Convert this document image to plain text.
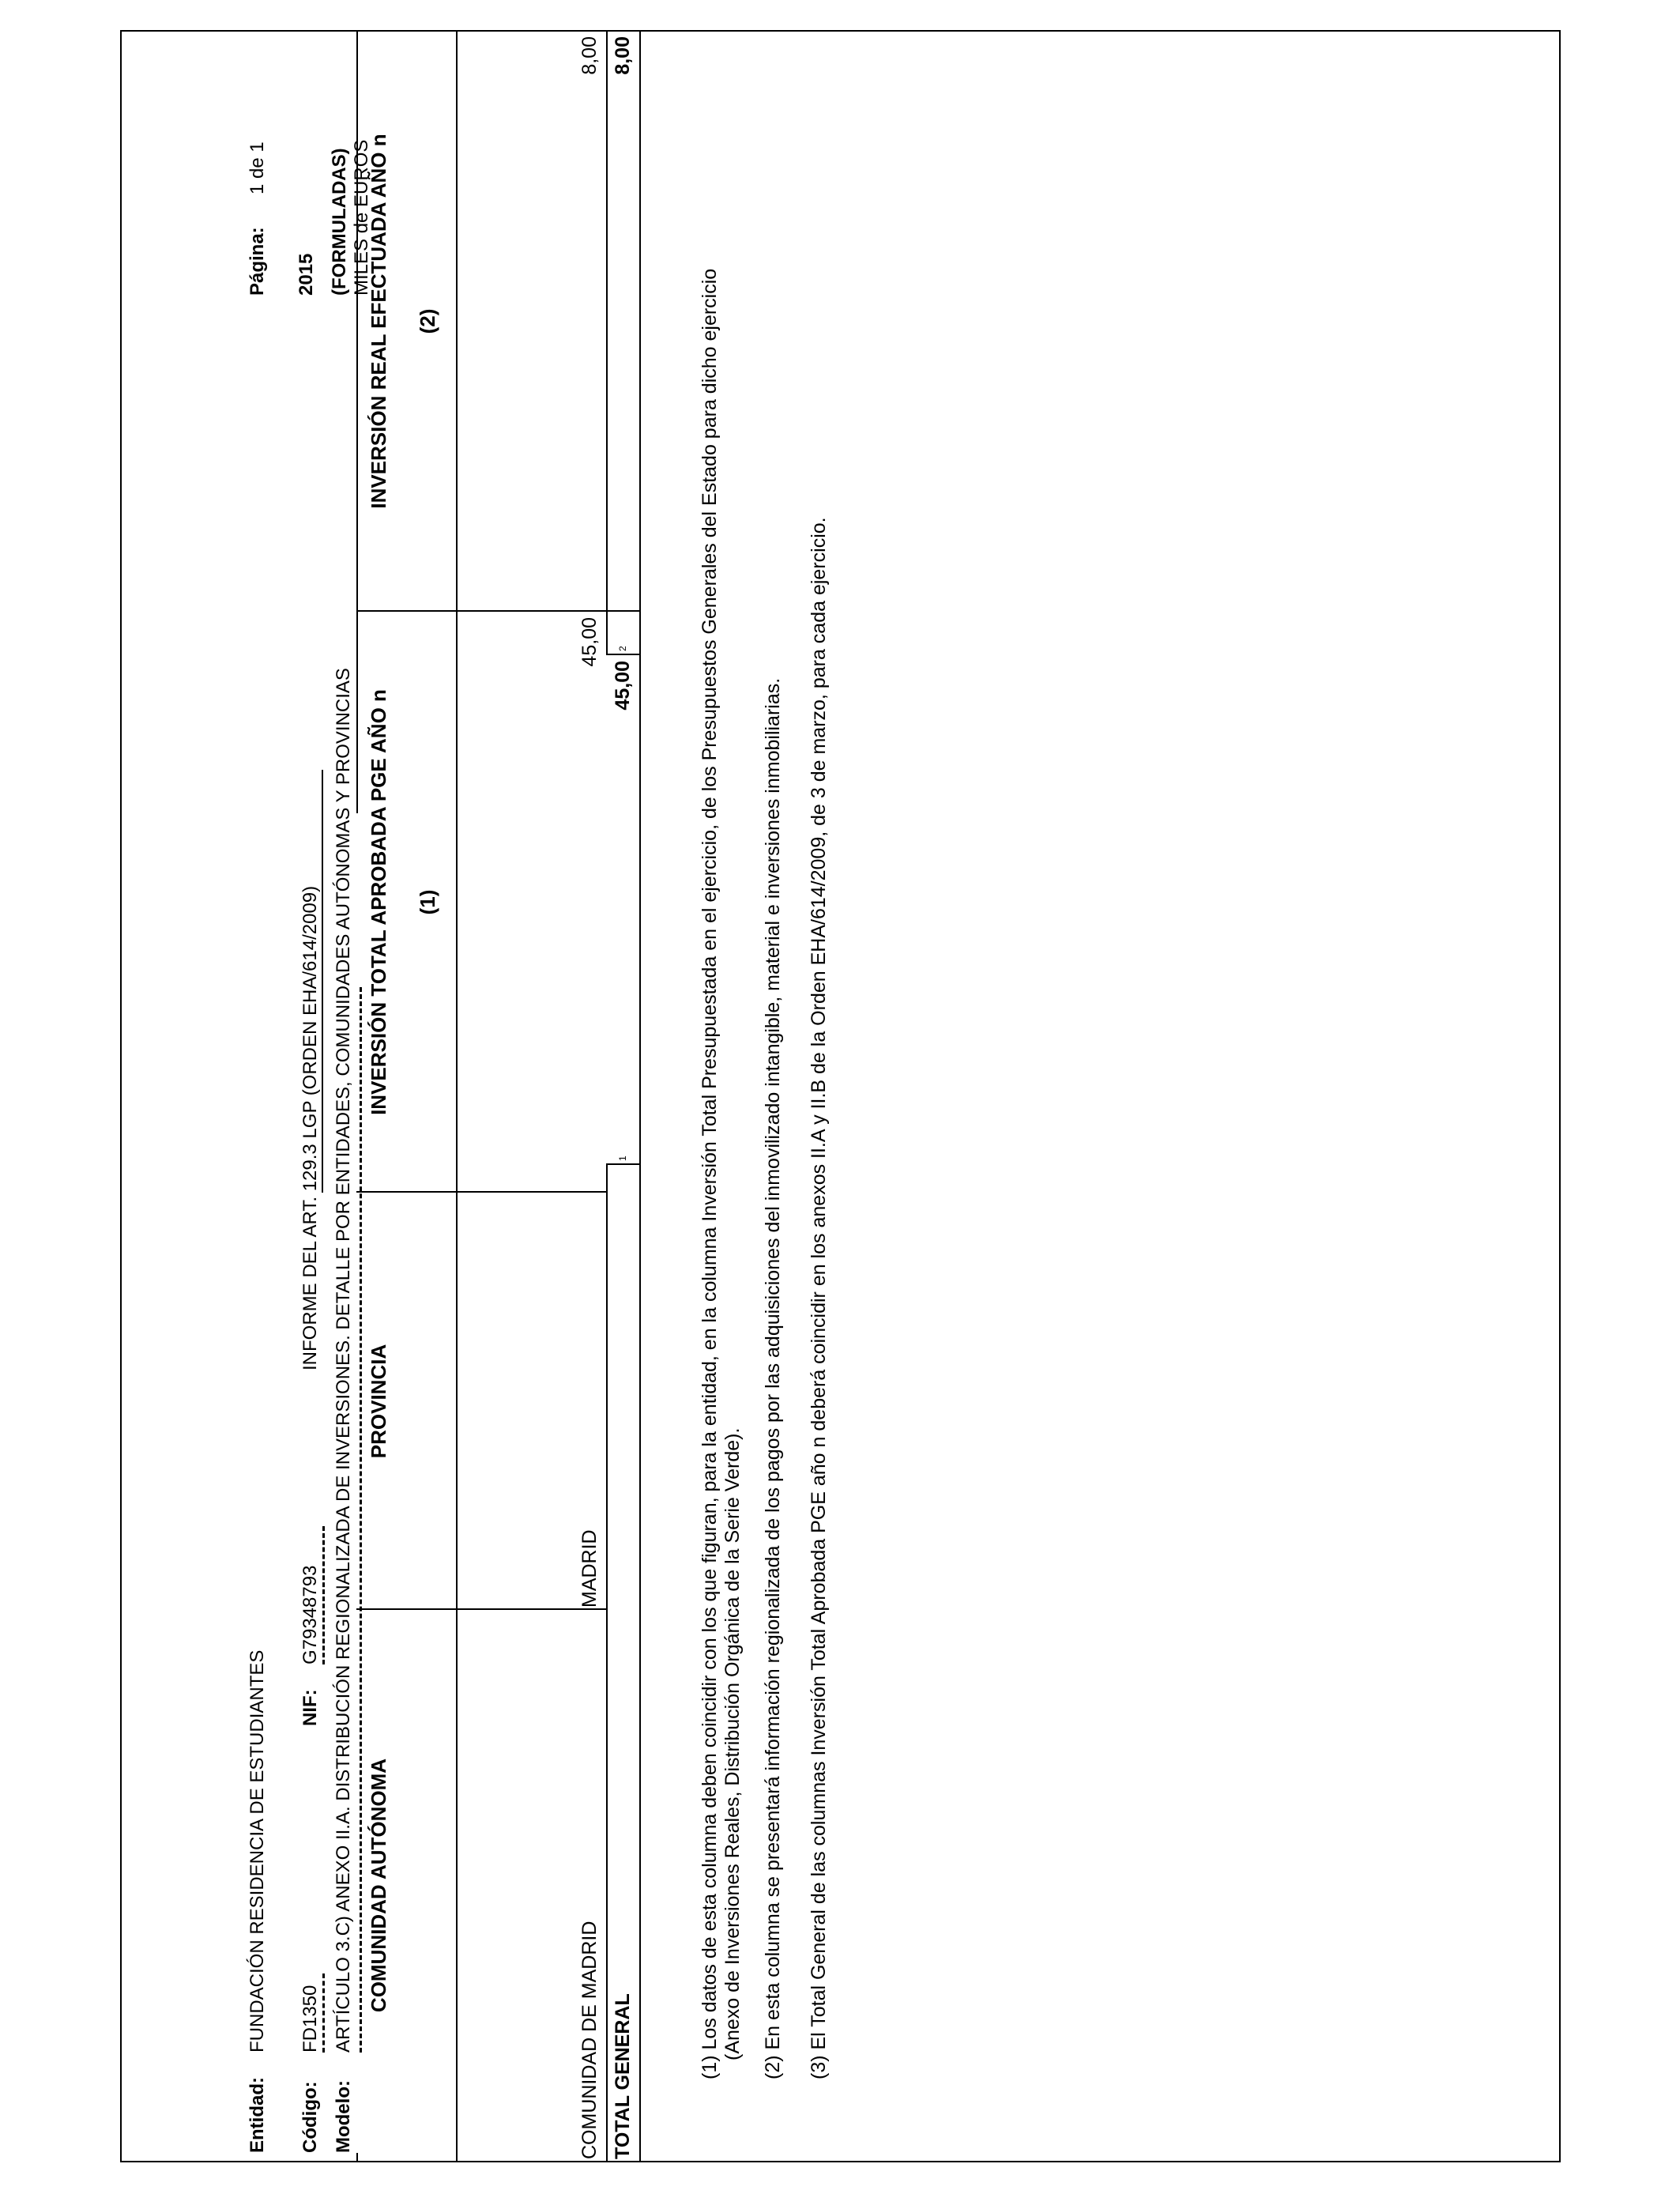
Entidad:
FUNDACIÓN RESIDENCIA DE ESTUDIANTES
Código:
FD1350
NIF:
G79348793
INFORME DEL ART. 129.3 LGP (ORDEN EHA/614/2009)
Modelo:
ARTÍCULO 3.C) ANEXO II.A. DISTRIBUCIÓN REGIONALIZADA DE INVERSIONES. DETALLE POR ENTIDADES, COMUNIDADES AUTÓNOMAS Y PROVINCIAS
Página:
1 de 1
2015 (FORMULADAS) MILES de EUROS
COMUNIDAD AUTÓNOMA
PROVINCIA
INVERSIÓN TOTAL APROBADA PGE AÑO n (1)
INVERSIÓN REAL EFECTUADA AÑO n (2)
COMUNIDAD DE MADRID
MADRID
45,00
8,00
TOTAL GENERAL
1
45,00
2
8,00
(1) Los datos de esta columna deben coincidir con los que figuran, para la entidad, en la columna Inversión Total Presupuestada en el ejercicio, de los Presupuestos Generales del Estado para dicho ejercicio (Anexo de Inversiones Reales, Distribución Orgánica de la Serie Verde). (2) En esta columna se presentará información regionalizada de los pagos por las adquisiciones del inmovilizado intangible, material e inversiones inmobiliarias. (3) El Total General de las columnas Inversión Total Aprobada PGE año n deberá coincidir en los anexos II.A y II.B de la Orden EHA/614/2009, de 3 de marzo, para cada ejercicio.
